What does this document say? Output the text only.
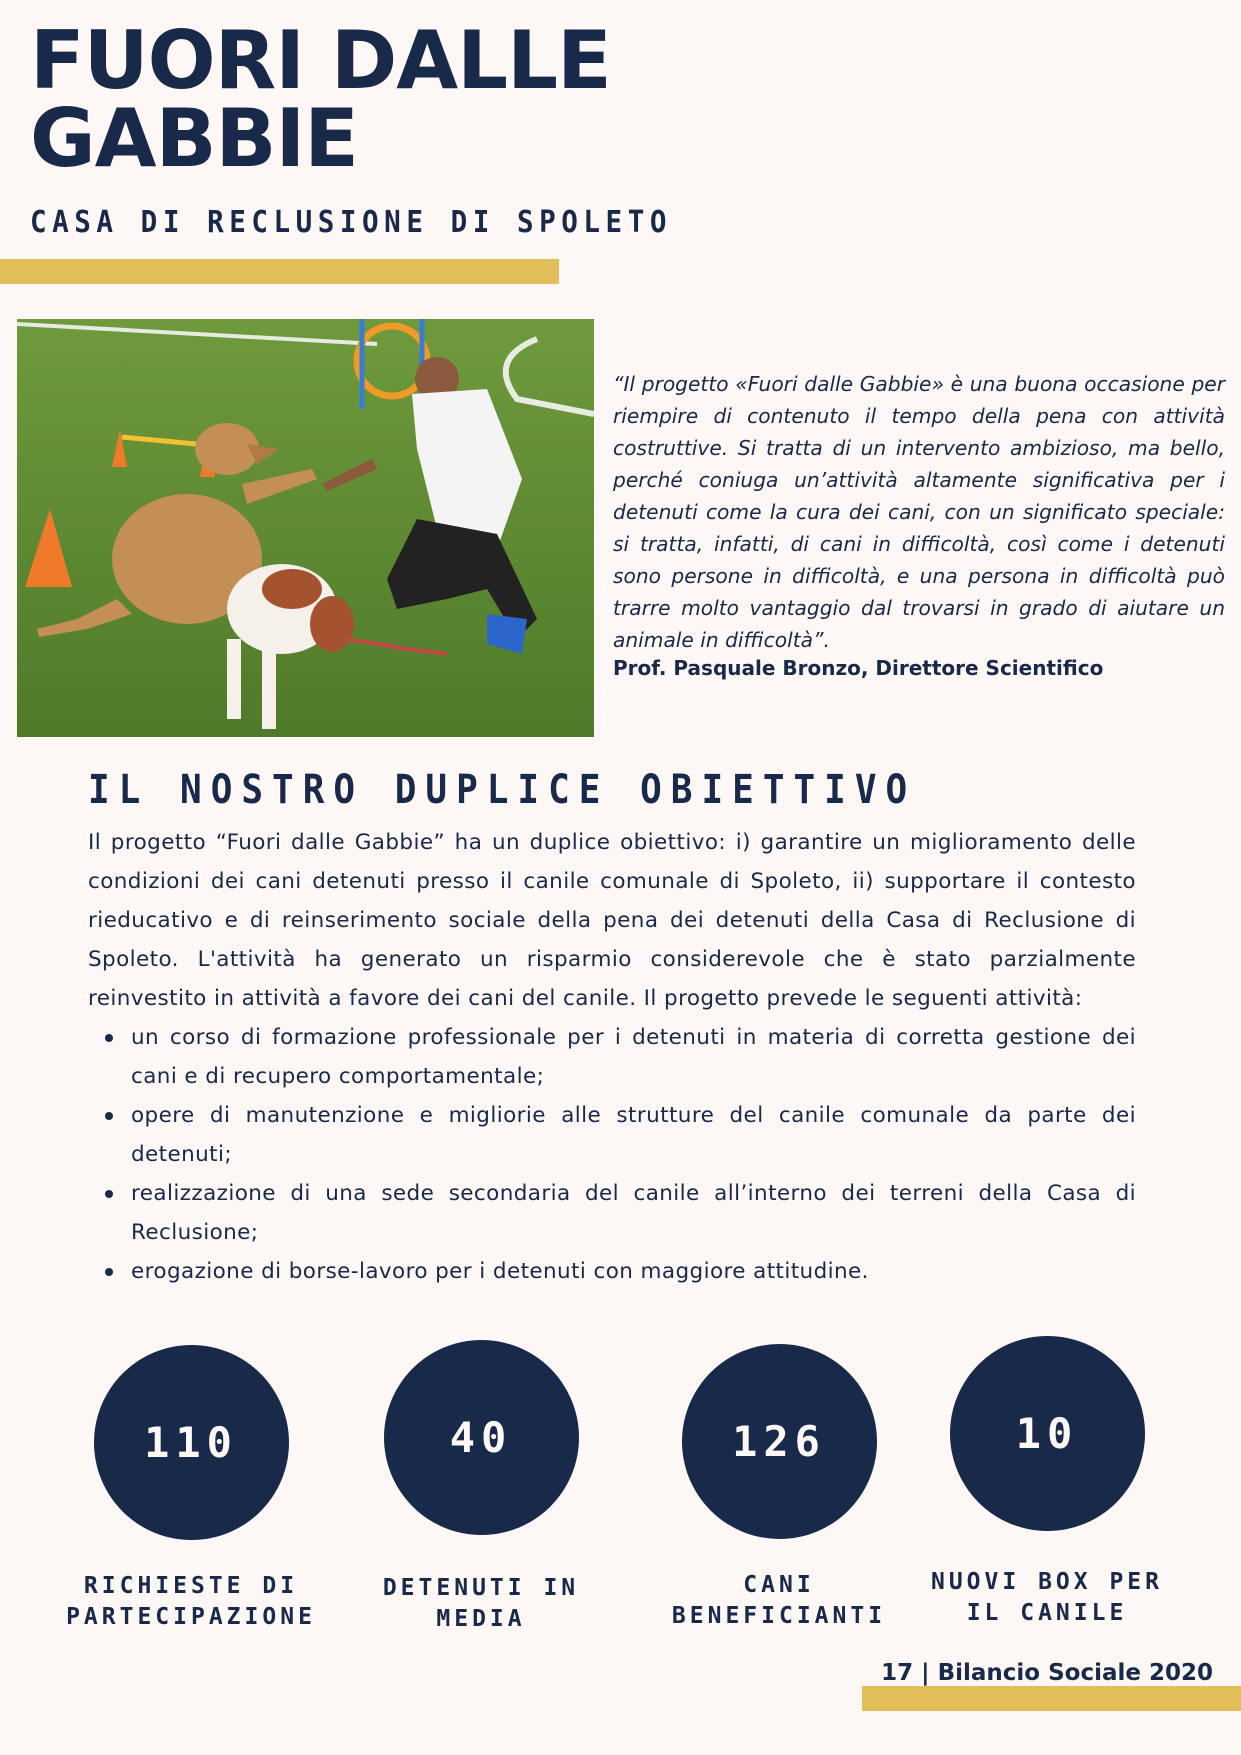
FUORI DALLE
GABBIE
CASA DI RECLUSIONE DI SPOLETO

“Il progetto «Fuori dalle Gabbie» è una buona occasione per riempire di contenuto il tempo della pena con attività costruttive. Si tratta di un intervento ambizioso, ma bello, perché coniuga un’attività altamente significativa per i detenuti come la cura dei cani, con un significato speciale: si tratta, infatti, di cani in difficoltà, così come i detenuti sono persone in difficoltà, e una persona in difficoltà può trarre molto vantaggio dal trovarsi in grado di aiutare un animale in difficoltà”.

Prof. Pasquale Bronzo, Direttore Scientifico

IL NOSTRO DUPLICE OBIETTIVO

Il progetto “Fuori dalle Gabbie” ha un duplice obiettivo: i) garantire un miglioramento delle condizioni dei cani detenuti presso il canile comunale di Spoleto, ii) supportare il contesto rieducativo e di reinserimento sociale della pena dei detenuti della Casa di Reclusione di Spoleto. L'attività ha generato un risparmio considerevole che è stato parzialmente reinvestito in attività a favore dei cani del canile. Il progetto prevede le seguenti attività:

un corso di formazione professionale per i detenuti in materia di corretta gestione dei cani e di recupero comportamentale;
opere di manutenzione e migliorie alle strutture del canile comunale da parte dei detenuti;
realizzazione di una sede secondaria del canile all’interno dei terreni della Casa di Reclusione;
erogazione di borse-lavoro per i detenuti con maggiore attitudine.
110
RICHIESTE DI
PARTECIPAZIONE
40
DETENUTI IN
MEDIA
126
CANI
BENEFICIANTI
10
NUOVI BOX PER
IL CANILE

17 | Bilancio Sociale 2020
